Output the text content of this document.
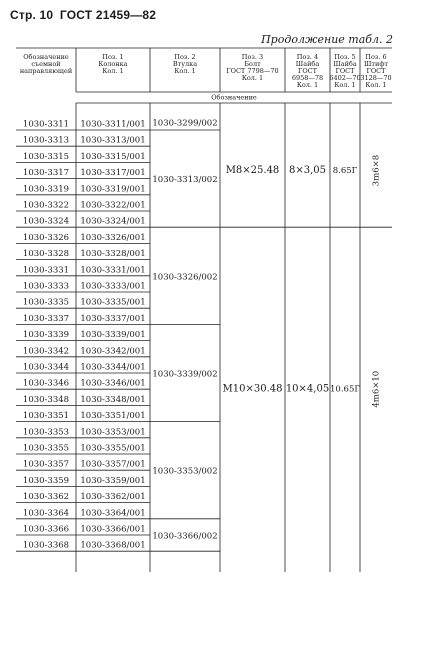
Стр. 10 ГОСТ 21459—82
Продолжение табл. 2
Обозначение
съемной
направляющей
Поз. 1
Колонка
Кол. 1
Поз. 2
Втулка
Кол. 1
Поз. 3
Болт
ГОСТ 7798—70
Кол. 1
Поз. 4
Шайба
ГОСТ
6958—78
Кол. 1
Поз. 5
Шайба
ГОСТ
6402—70
Кол. 1
Поз. 6
Штифт
ГОСТ
3128—70
Кол. 1
Обозначение
1030-3311 1030-3311/001
1030-3313 1030-3313/001
1030-3315 1030-3315/001
1030-3317 1030-3317/001
1030-3319 1030-3319/001
1030-3322 1030-3322/001
1030-3324 1030-3324/001
1030-3326 1030-3326/001
1030-3328 1030-3328/001
1030-3331 1030-3331/001
1030-3333 1030-3333/001
1030-3335 1030-3335/001
1030-3337 1030-3337/001
1030-3339 1030-3339/001
1030-3342 1030-3342/001
1030-3344 1030-3344/001
1030-3346 1030-3346/001
1030-3348 1030-3348/001
1030-3351 1030-3351/001
1030-3353 1030-3353/001
1030-3355 1030-3355/001
1030-3357 1030-3357/001
1030-3359 1030-3359/001
1030-3362 1030-3362/001
1030-3364 1030-3364/001
1030-3366 1030-3366/001
1030-3368 1030-3368/001
1030-3299/002
1030-3313/002
1030-3326/002
1030-3339/002
1030-3353/002
1030-3366/002
M8×25.48 8×3,05 8.65Г 3m6×8
M10×30.48 10×4,05 10.65Г 4m6×10
